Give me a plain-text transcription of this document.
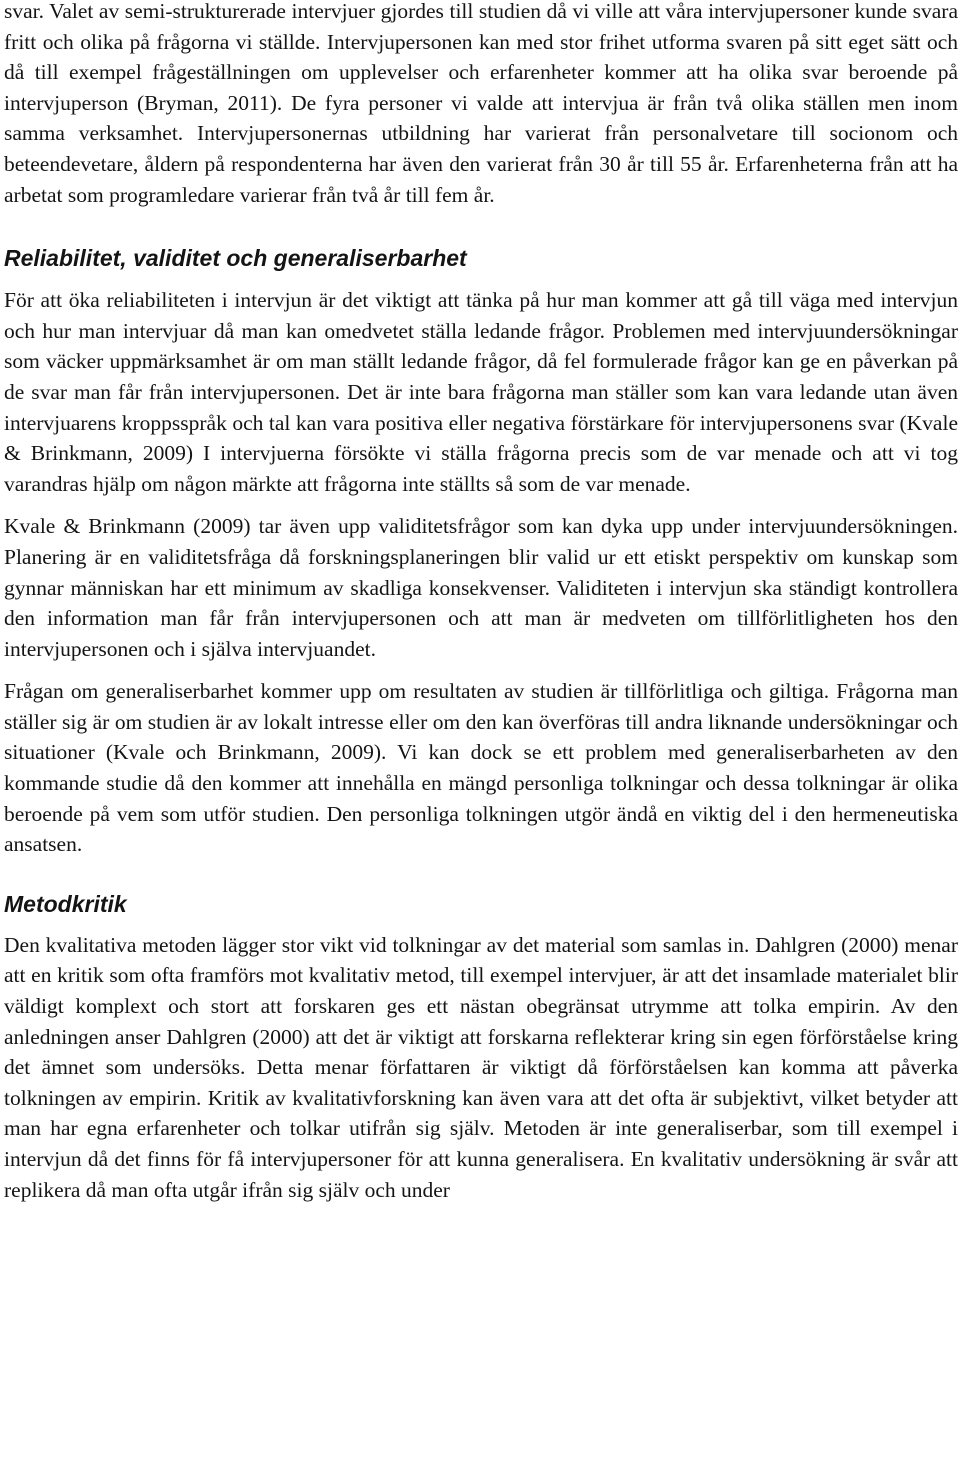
svar. Valet av semi-strukturerade intervjuer gjordes till studien då vi ville att våra intervjupersoner kunde svara fritt och olika på frågorna vi ställde. Intervjupersonen kan med stor frihet utforma svaren på sitt eget sätt och då till exempel frågeställningen om upplevelser och erfarenheter kommer att ha olika svar beroende på intervjuperson (Bryman, 2011). De fyra personer vi valde att intervjua är från två olika ställen men inom samma verksamhet. Intervjupersonernas utbildning har varierat från personalvetare till socionom och beteendevetare, åldern på respondenterna har även den varierat från 30 år till 55 år. Erfarenheterna från att ha arbetat som programledare varierar från två år till fem år.

Reliabilitet, validitet och generaliserbarhet

För att öka reliabiliteten i intervjun är det viktigt att tänka på hur man kommer att gå till väga med intervjun och hur man intervjuar då man kan omedvetet ställa ledande frågor. Problemen med intervjuundersökningar som väcker uppmärksamhet är om man ställt ledande frågor, då fel formulerade frågor kan ge en påverkan på de svar man får från intervjupersonen. Det är inte bara frågorna man ställer som kan vara ledande utan även intervjuarens kroppsspråk och tal kan vara positiva eller negativa förstärkare för intervjupersonens svar (Kvale & Brinkmann, 2009) I intervjuerna försökte vi ställa frågorna precis som de var menade och att vi tog varandras hjälp om någon märkte att frågorna inte ställts så som de var menade.

Kvale & Brinkmann (2009) tar även upp validitetsfrågor som kan dyka upp under intervjuundersökningen. Planering är en validitetsfråga då forskningsplaneringen blir valid ur ett etiskt perspektiv om kunskap som gynnar människan har ett minimum av skadliga konsekvenser. Validiteten i intervjun ska ständigt kontrollera den information man får från intervjupersonen och att man är medveten om tillförlitligheten hos den intervjupersonen och i själva intervjuandet.

Frågan om generaliserbarhet kommer upp om resultaten av studien är tillförlitliga och giltiga. Frågorna man ställer sig är om studien är av lokalt intresse eller om den kan överföras till andra liknande undersökningar och situationer (Kvale och Brinkmann, 2009). Vi kan dock se ett problem med generaliserbarheten av den kommande studie då den kommer att innehålla en mängd personliga tolkningar och dessa tolkningar är olika beroende på vem som utför studien. Den personliga tolkningen utgör ändå en viktig del i den hermeneutiska ansatsen.

Metodkritik

Den kvalitativa metoden lägger stor vikt vid tolkningar av det material som samlas in. Dahlgren (2000) menar att en kritik som ofta framförs mot kvalitativ metod, till exempel intervjuer, är att det insamlade materialet blir väldigt komplext och stort att forskaren ges ett nästan obegränsat utrymme att tolka empirin. Av den anledningen anser Dahlgren (2000) att det är viktigt att forskarna reflekterar kring sin egen förförståelse kring det ämnet som undersöks. Detta menar författaren är viktigt då förförståelsen kan komma att påverka tolkningen av empirin. Kritik av kvalitativforskning kan även vara att det ofta är subjektivt, vilket betyder att man har egna erfarenheter och tolkar utifrån sig själv. Metoden är inte generaliserbar, som till exempel i intervjun då det finns för få intervjupersoner för att kunna generalisera. En kvalitativ undersökning är svår att replikera då man ofta utgår ifrån sig själv och under
